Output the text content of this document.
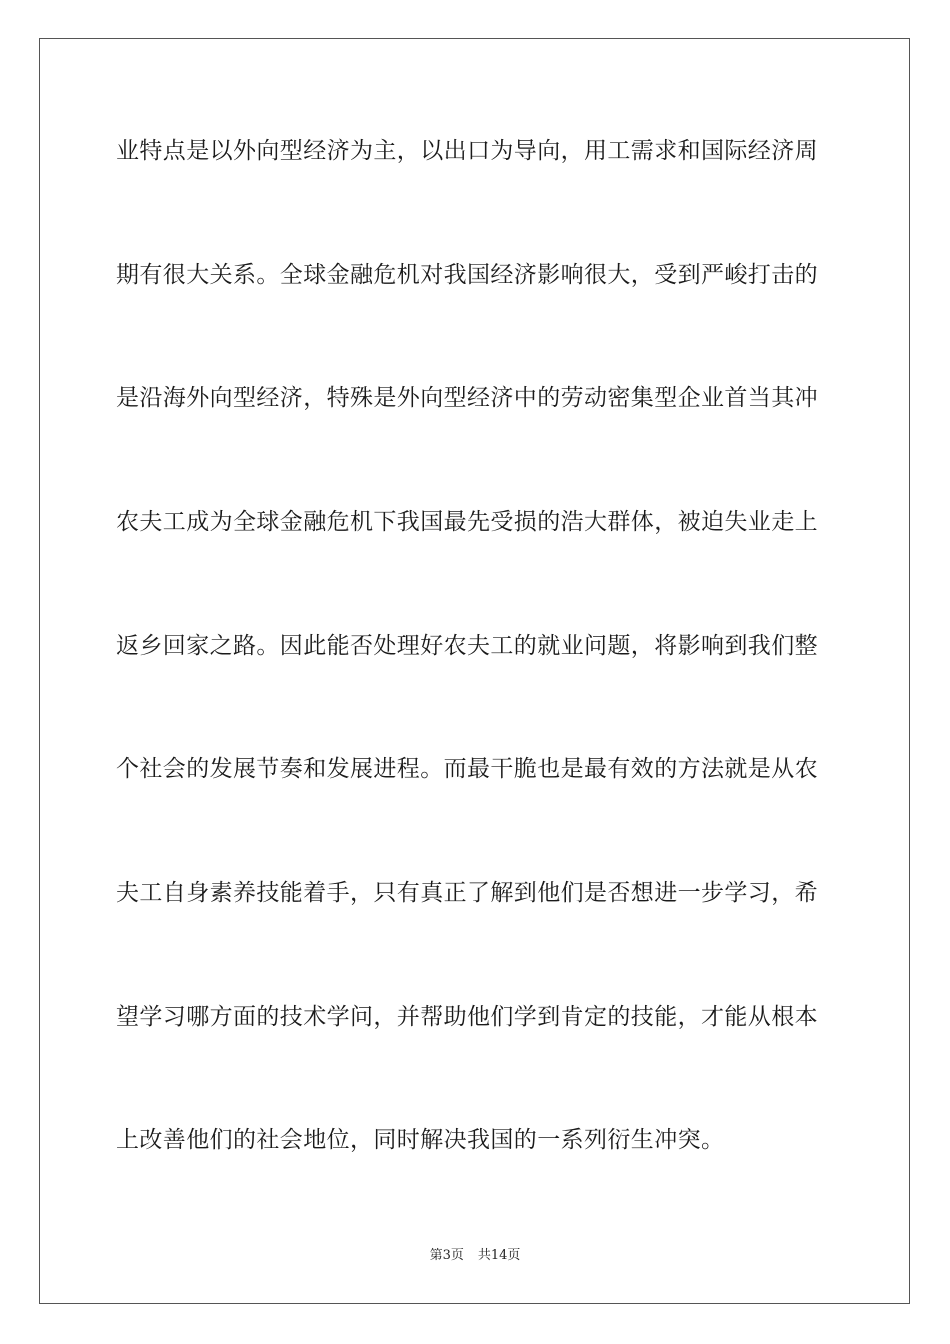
业特点是以外向型经济为主，以出口为导向，用工需求和国际经济周
期有很大关系。全球金融危机对我国经济影响很大，受到严峻打击的
是沿海外向型经济，特殊是外向型经济中的劳动密集型企业首当其冲
农夫工成为全球金融危机下我国最先受损的浩大群体，被迫失业走上
返乡回家之路。因此能否处理好农夫工的就业问题，将影响到我们整
个社会的发展节奏和发展进程。而最干脆也是最有效的方法就是从农
夫工自身素养技能着手，只有真正了解到他们是否想进一步学习，希
望学习哪方面的技术学问，并帮助他们学到肯定的技能，才能从根本
上改善他们的社会地位，同时解决我国的一系列衍生冲突。
第3页 共14页
